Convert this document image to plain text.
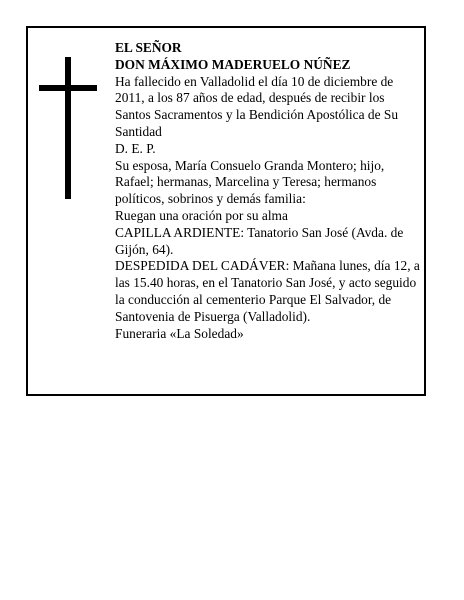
EL SEÑOR

DON MÁXIMO MADERUELO NÚÑEZ

Ha fallecido en Valladolid el día 10 de diciembre de 2011, a los 87 años de edad, después de recibir los Santos Sacramentos y la Bendición Apostólica de Su Santidad

D. E. P.

Su esposa, María Consuelo Granda Montero; hijo, Rafael; hermanas, Marcelina y Teresa; hermanos políticos, sobrinos y demás familia:

Ruegan una oración por su alma

CAPILLA ARDIENTE: Tanatorio San José (Avda. de Gijón, 64).

DESPEDIDA DEL CADÁVER: Mañana lunes, día 12, a las 15.40 horas, en el Tanatorio San José, y acto seguido la conducción al cementerio Parque El Salvador, de Santovenia de Pisuerga (Valladolid).

Funeraria «La Soledad»
